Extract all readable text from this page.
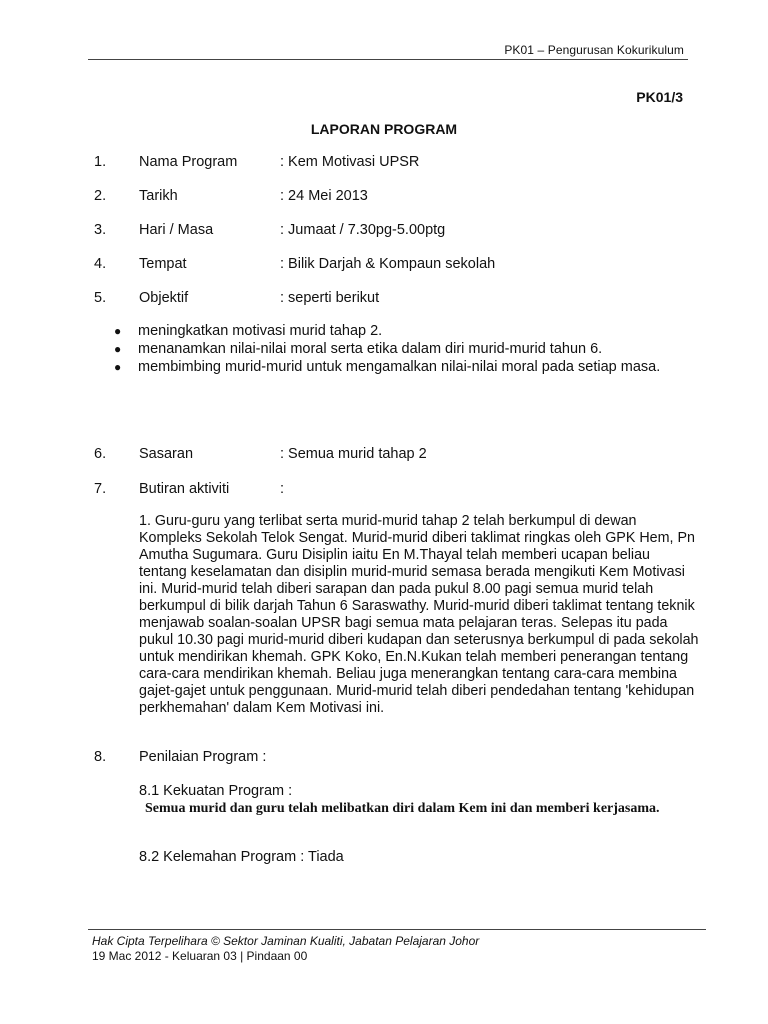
PK01 – Pengurusan Kokurikulum
PK01/3
LAPORAN PROGRAM
1. Nama Program	: Kem Motivasi UPSR
2. Tarikh	: 24 Mei 2013
3. Hari / Masa	: Jumaat / 7.30pg-5.00ptg
4. Tempat	: Bilik Darjah & Kompaun sekolah
5. Objektif	: seperti berikut
● meningkatkan motivasi murid tahap 2.
● menanamkan nilai-nilai moral serta etika dalam diri murid-murid tahun 6.
● membimbing murid-murid untuk mengamalkan nilai-nilai moral pada setiap masa.
6. Sasaran	: Semua murid tahap 2
7. Butiran aktiviti	:
1. Guru-guru yang terlibat serta murid-murid tahap 2 telah berkumpul di dewan Kompleks Sekolah Telok Sengat. Murid-murid diberi taklimat ringkas oleh GPK Hem, Pn Amutha Sugumara. Guru Disiplin iaitu En M.Thayal telah memberi ucapan beliau tentang keselamatan dan disiplin murid-murid semasa berada mengikuti Kem Motivasi ini. Murid-murid telah diberi sarapan dan pada pukul 8.00 pagi semua murid telah berkumpul di bilik darjah Tahun 6 Saraswathy. Murid-murid diberi taklimat tentang teknik menjawab soalan-soalan UPSR bagi semua mata pelajaran teras. Selepas itu pada pukul 10.30 pagi murid-murid diberi kudapan dan seterusnya berkumpul di pada sekolah untuk mendirikan khemah. GPK Koko, En.N.Kukan telah memberi penerangan tentang cara-cara mendirikan khemah. Beliau juga menerangkan tentang cara-cara membina gajet-gajet untuk penggunaan. Murid-murid telah diberi pendedahan tentang 'kehidupan perkhemahan' dalam Kem Motivasi ini.
8. Penilaian Program :
8.1 Kekuatan Program :
Semua murid dan guru telah melibatkan diri dalam Kem ini dan memberi kerjasama.
8.2 Kelemahan Program : Tiada
Hak Cipta Terpelihara © Sektor Jaminan Kualiti, Jabatan Pelajaran Johor
19 Mac 2012 - Keluaran 03 | Pindaan 00
